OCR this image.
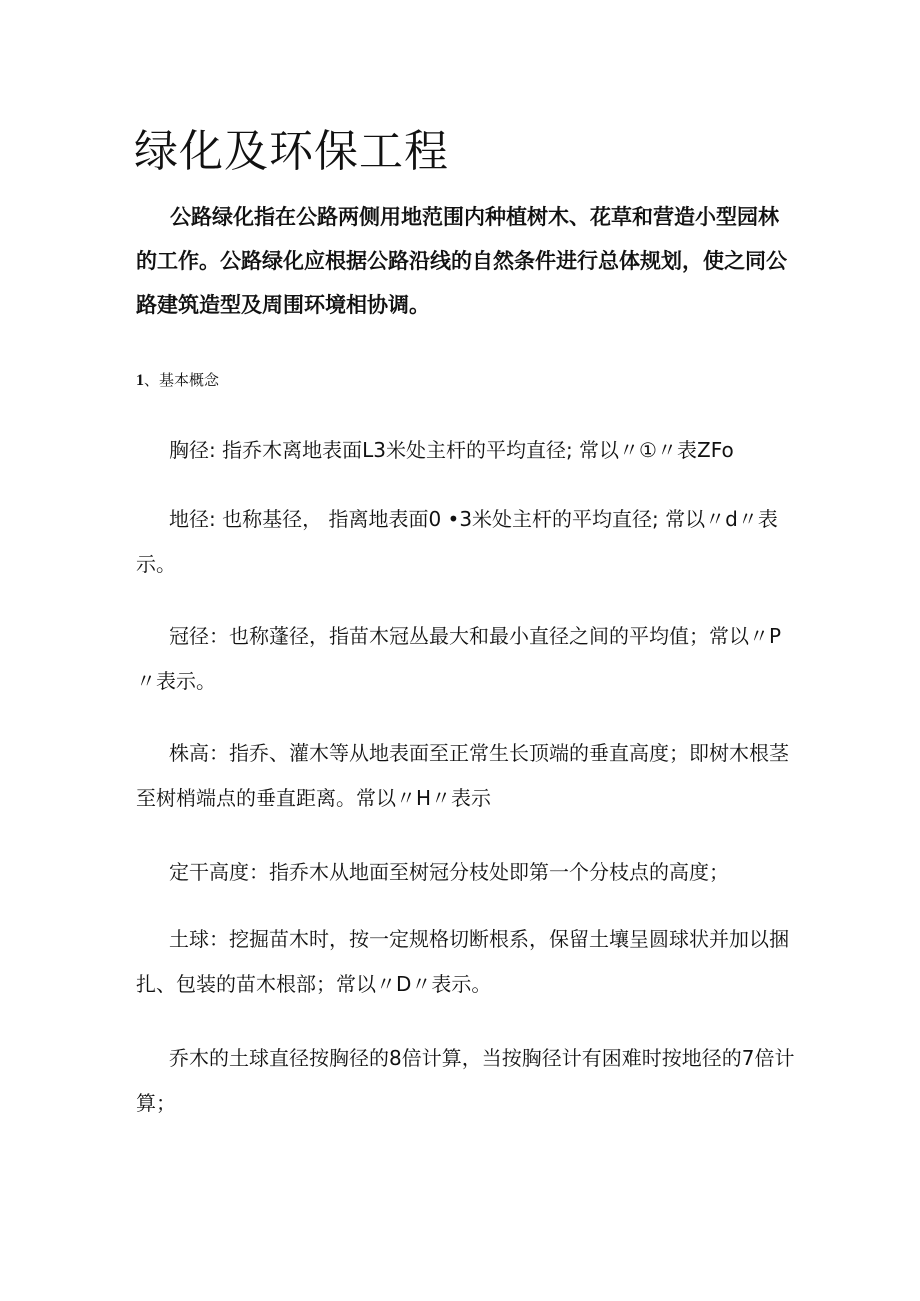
绿化及环保工程

公路绿化指在公路两侧用地范围内种植树木、花草和营造小型园林的工作。公路绿化应根据公路沿线的自然条件进行总体规划，使之同公路建筑造型及周围环境相协调。

1、基本概念

胸径: 指乔木离地表面L3米处主杆的平均直径; 常以〃①〃表ZFo

地径: 也称基径， 指离地表面0 •3米处主杆的平均直径; 常以〃d〃表示。

冠径：也称蓬径，指苗木冠丛最大和最小直径之间的平均值；常以〃P〃表示。

株高：指乔、灌木等从地表面至正常生长顶端的垂直高度；即树木根茎至树梢端点的垂直距离。常以〃H〃表示

定干高度：指乔木从地面至树冠分枝处即第一个分枝点的高度；

土球：挖掘苗木时，按一定规格切断根系，保留土壤呈圆球状并加以捆扎、包装的苗木根部；常以〃D〃表示。

乔木的土球直径按胸径的8倍计算，当按胸径计有困难时按地径的7倍计算；
